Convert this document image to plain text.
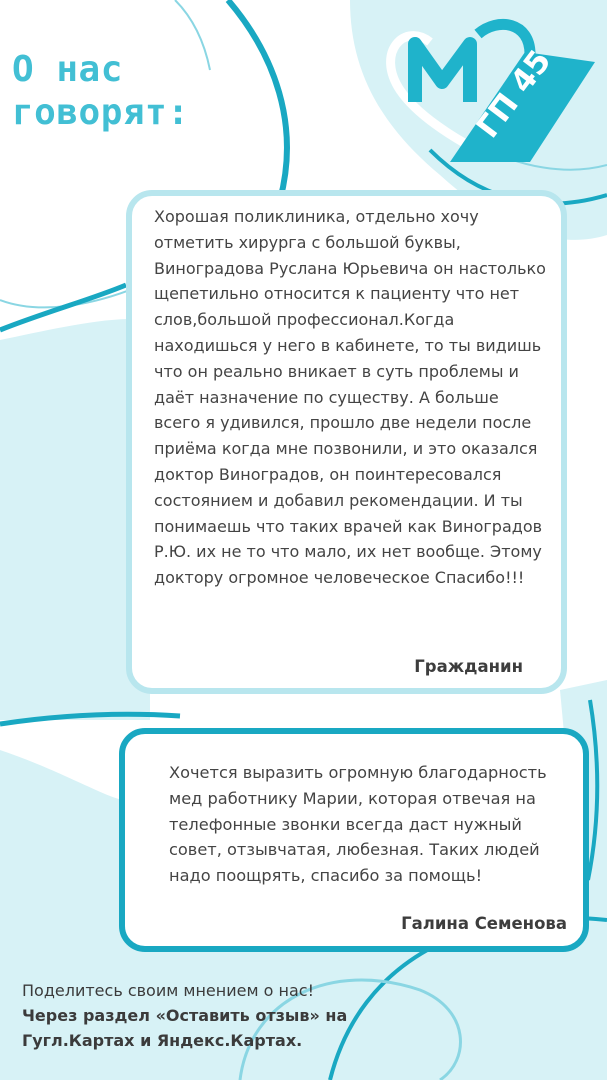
О нас
говорят:	ГП 45

Хорошая поликлиника, отдельно хочу отметить хирурга с большой буквы, Виноградова Руслана Юрьевича он настолько щепетильно относится к пациенту что нет слов,большой профессионал.Когда находишься у него в кабинете, то ты видишь что он реально вникает в суть проблемы и даёт назначение по существу. А больше всего я удивился, прошло две недели после приёма когда мне позвонили, и это оказался доктор Виноградов, он поинтересовался состоянием и добавил рекомендации. И ты понимаешь что таких врачей как Виноградов Р.Ю. их не то что мало, их нет вообще. Этому доктору огромное человеческое Спасибо!!!

Гражданин

Хочется выразить огромную благодарность мед работнику Марии, которая отвечая на телефонные звонки всегда даст нужный совет, отзывчатая, любезная. Таких людей надо поощрять, спасибо за помощь!

Галина Семенова

Поделитесь своим мнением о нас!

Через раздел «Оставить отзыв» на Гугл.Картах и Яндекс.Картах.
